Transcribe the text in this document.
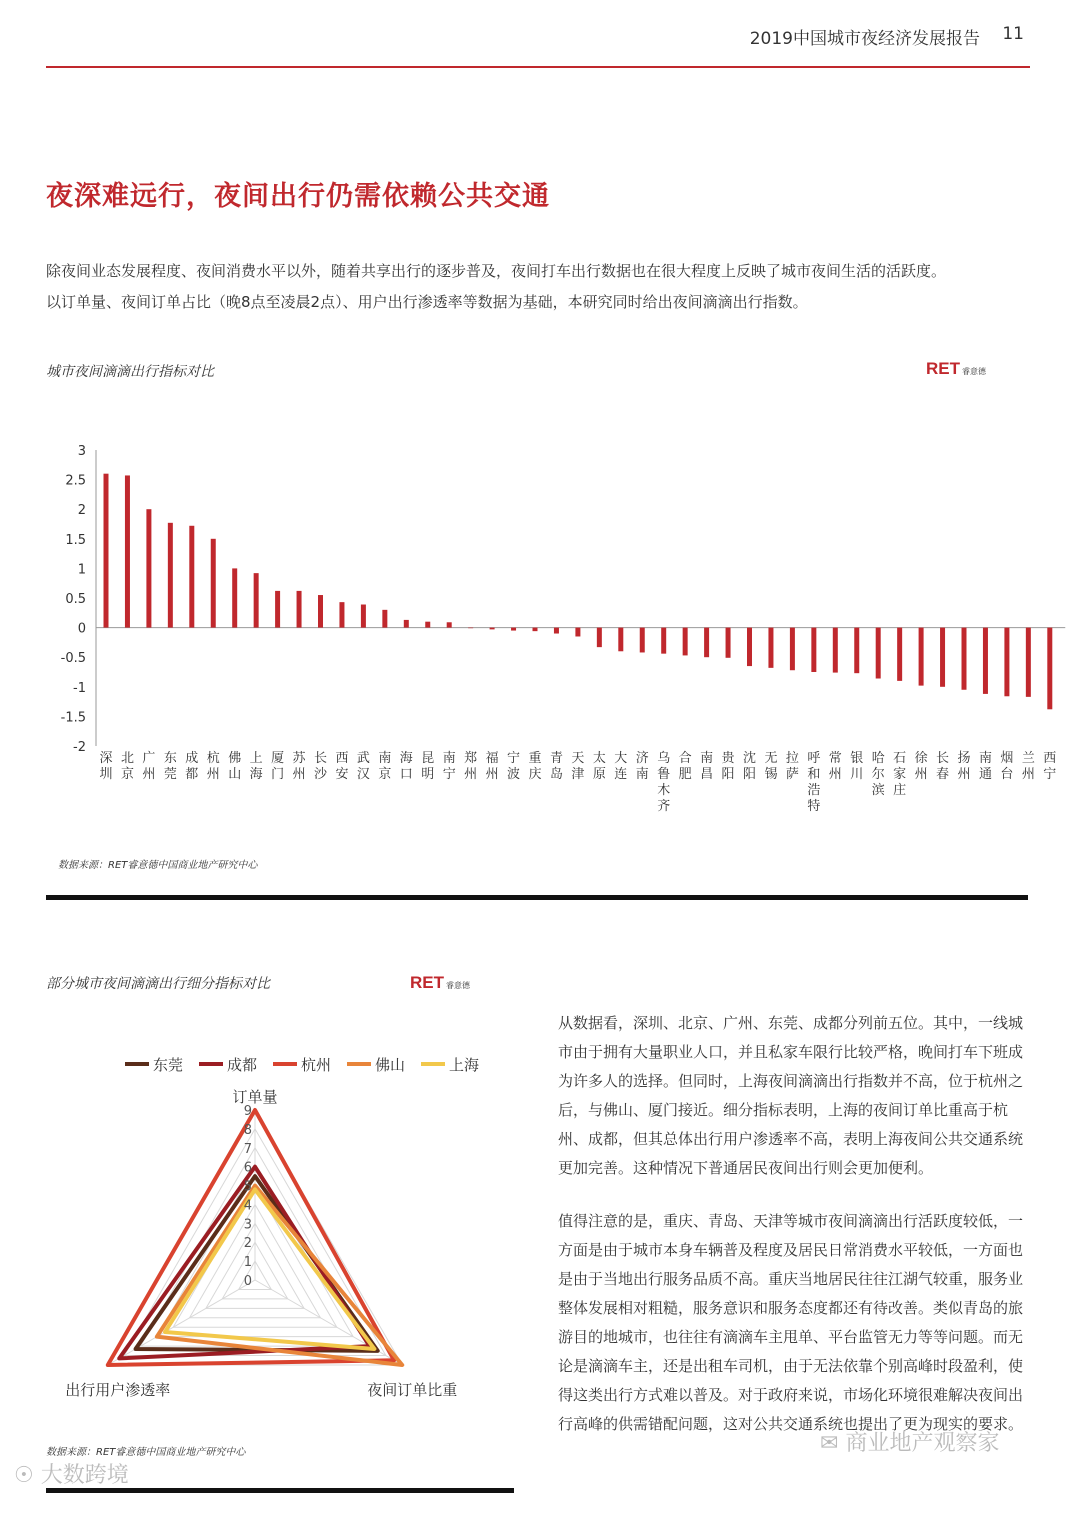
2019中国城市夜经济发展报告 11
夜深难远行，夜间出行仍需依赖公共交通
除夜间业态发展程度、夜间消费水平以外，随着共享出行的逐步普及，夜间打车出行数据也在很大程度上反映了城市夜间生活的活跃度。
以订单量、夜间订单占比（晚8点至凌晨2点）、用户出行渗透率等数据为基础，本研究同时给出夜间滴滴出行指数。
城市夜间滴滴出行指标对比	RET 睿意德
3
2.5
2
1.5
1
0.5
0
-0.5
-1
-1.5
-2
深圳
北京
广州
东莞
成都
杭州
佛山
上海
厦门
苏州
长沙
西安
武汉
南京
海口
昆明
南宁
郑州
福州
宁波
重庆
青岛
天津
太原
大连
济南
乌鲁木齐
合肥
南昌
贵阳
沈阳
无锡
拉萨
呼和浩特
常州
银川
哈尔滨
石家庄
徐州
长春
扬州
南通
烟台
兰州
西宁
数据来源：RET睿意德中国商业地产研究中心
部分城市夜间滴滴出行细分指标对比	RET 睿意德
东莞	成都	杭州	佛山	上海
0
1
2
3
4
5
6
7
8
9
订单量
夜间订单比重
出行用户渗透率
数据来源：RET睿意德中国商业地产研究中心

从数据看，深圳、北京、广州、东莞、成都分列前五位。其中，一线城市由于拥有大量职业人口，并且私家车限行比较严格，晚间打车下班成为许多人的选择。但同时，上海夜间滴滴出行指数并不高，位于杭州之后，与佛山、厦门接近。细分指标表明，上海的夜间订单比重高于杭州、成都，但其总体出行用户渗透率不高，表明上海夜间公共交通系统更加完善。这种情况下普通居民夜间出行则会更加便利。

值得注意的是，重庆、青岛、天津等城市夜间滴滴出行活跃度较低，一方面是由于城市本身车辆普及程度及居民日常消费水平较低，一方面也是由于当地出行服务品质不高。重庆当地居民往往江湖气较重，服务业整体发展相对粗糙，服务意识和服务态度都还有待改善。类似青岛的旅游目的地城市，也往往有滴滴车主甩单、平台监管无力等等问题。而无论是滴滴车主，还是出租车司机，由于无法依靠个别高峰时段盈利，使得这类出行方式难以普及。对于政府来说，市场化环境很难解决夜间出行高峰的供需错配问题，这对公共交通系统也提出了更为现实的要求。

☉ 大数跨境
✉ 商业地产观察家
